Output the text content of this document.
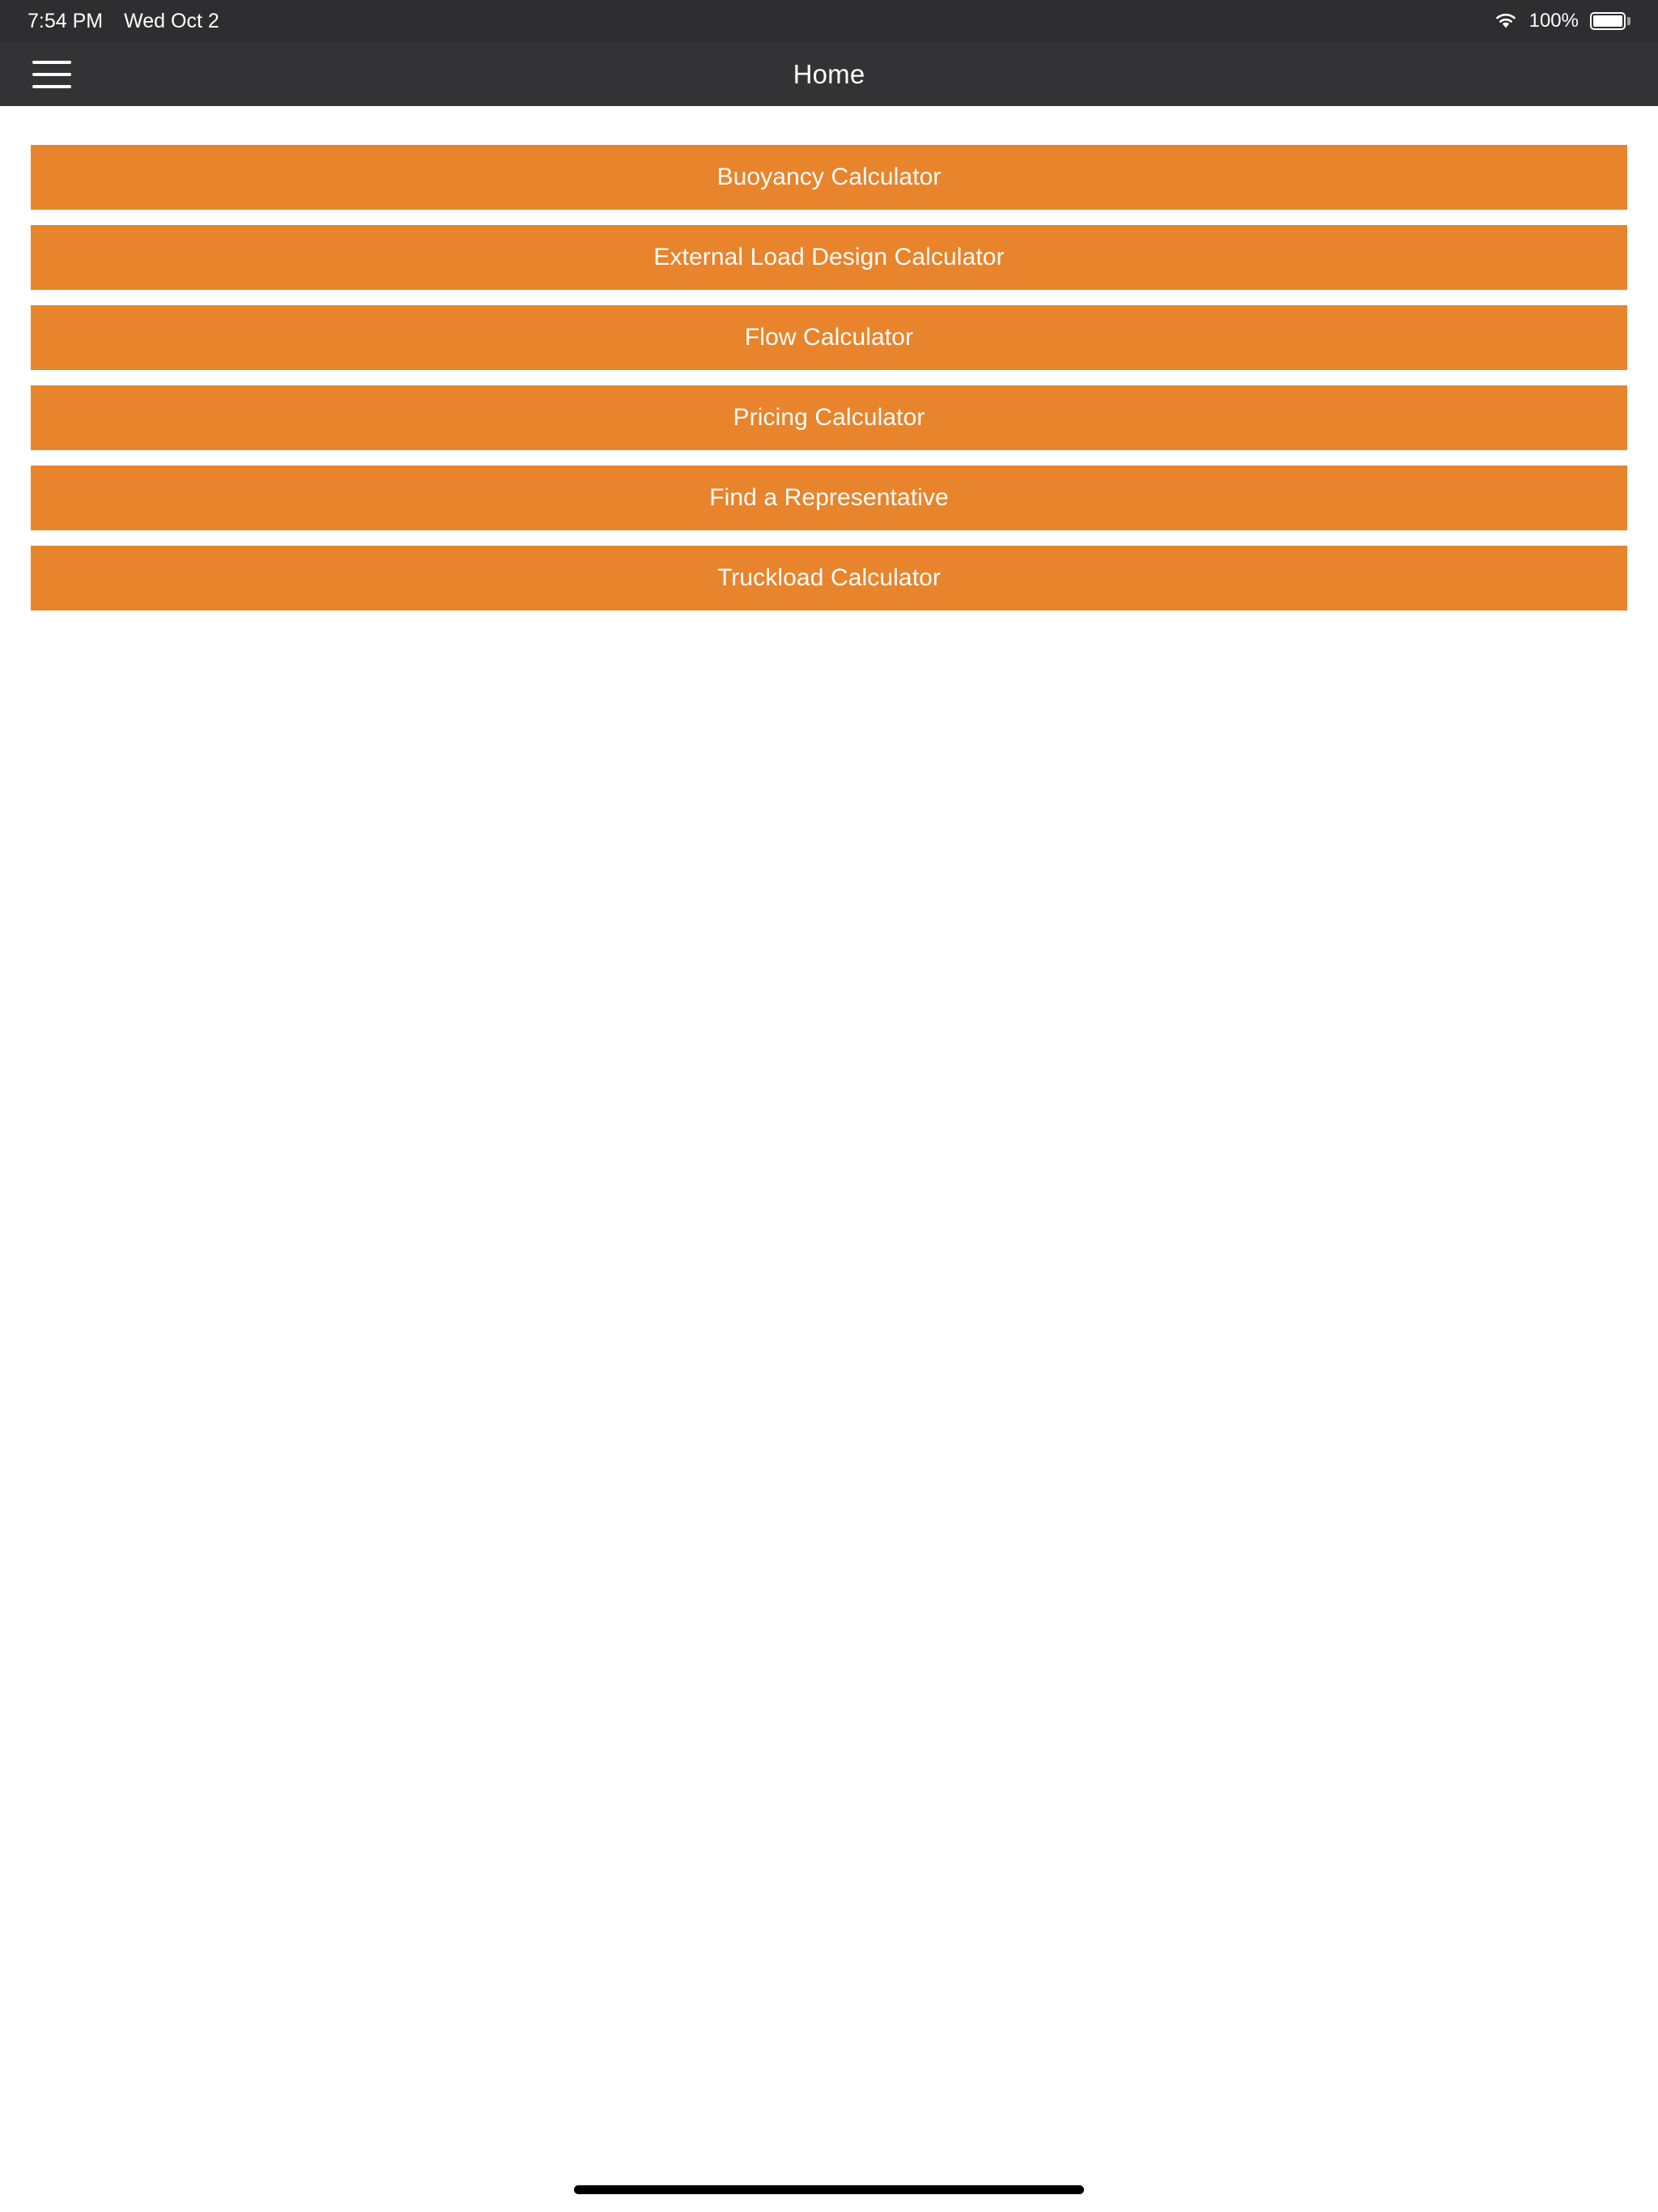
7:54 PM Wed Oct 2	100%
Home
Buoyancy Calculator
External Load Design Calculator
Flow Calculator
Pricing Calculator
Find a Representative
Truckload Calculator
